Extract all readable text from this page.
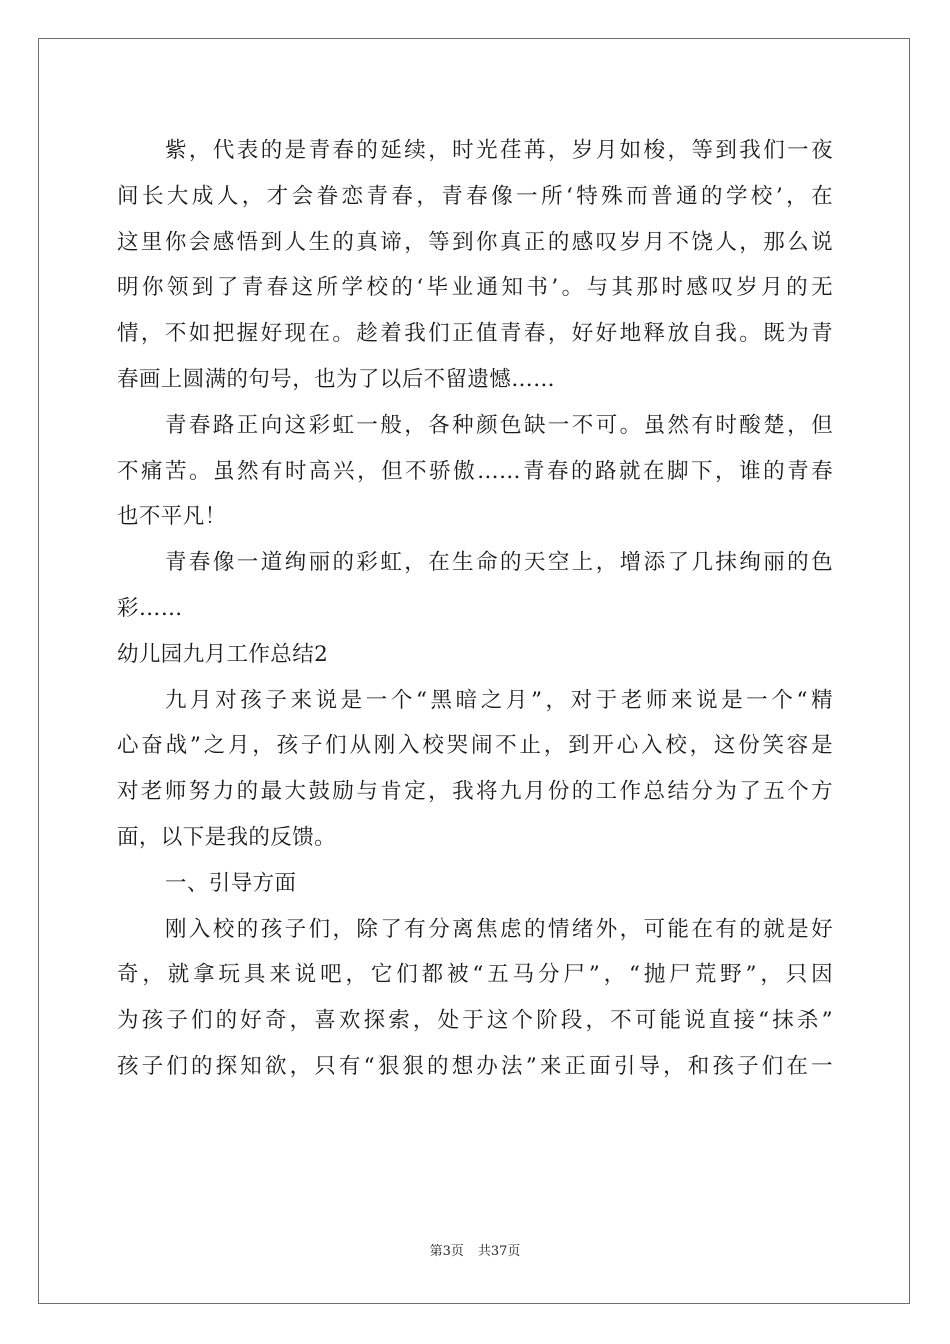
紫，代表的是青春的延续，时光荏苒，岁月如梭，等到我们一夜
间长大成人，才会眷恋青春，青春像一所‘特殊而普通的学校’，在
这里你会感悟到人生的真谛，等到你真正的感叹岁月不饶人，那么说
明你领到了青春这所学校的‘毕业通知书’。与其那时感叹岁月的无
情，不如把握好现在。趁着我们正值青春，好好地释放自我。既为青
春画上圆满的句号，也为了以后不留遗憾……
青春路正向这彩虹一般，各种颜色缺一不可。虽然有时酸楚，但
不痛苦。虽然有时高兴，但不骄傲……青春的路就在脚下，谁的青春
也不平凡！
青春像一道绚丽的彩虹，在生命的天空上，增添了几抹绚丽的色
彩……
幼儿园九月工作总结2
九月对孩子来说是一个“黑暗之月”，对于老师来说是一个“精
心奋战”之月，孩子们从刚入校哭闹不止，到开心入校，这份笑容是
对老师努力的最大鼓励与肯定，我将九月份的工作总结分为了五个方
面，以下是我的反馈。
一、引导方面
刚入校的孩子们，除了有分离焦虑的情绪外，可能在有的就是好
奇，就拿玩具来说吧，它们都被“五马分尸”，“抛尸荒野”，只因
为孩子们的好奇，喜欢探索，处于这个阶段，不可能说直接“抹杀”
孩子们的探知欲，只有“狠狠的想办法”来正面引导，和孩子们在一
第3页 共37页
